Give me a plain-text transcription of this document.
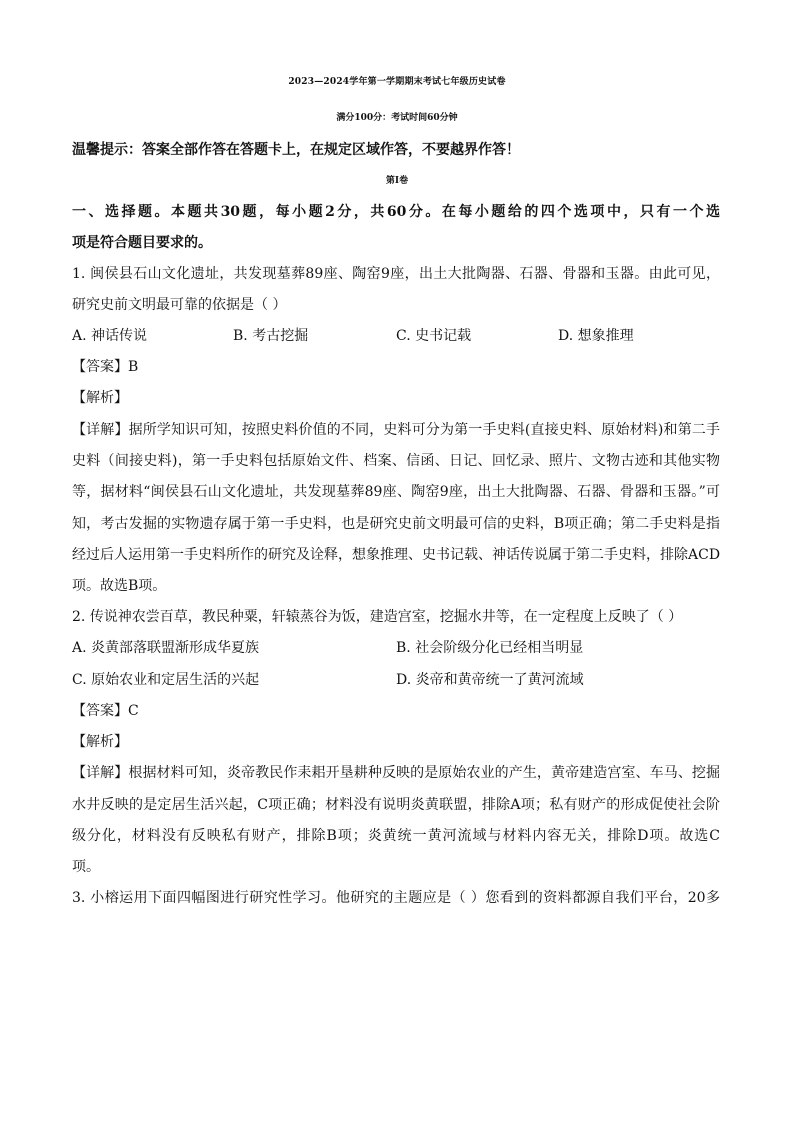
2023—2024学年第一学期期末考试七年级历史试卷
满分100分：考试时间60分钟
温馨提示：答案全部作答在答题卡上，在规定区域作答，不要越界作答！
第Ⅰ卷
一、选择题。本题共30题，每小题2分，共60分。在每小题给的四个选项中，只有一个选
项是符合题目要求的。
1. 闽侯县石山文化遗址，共发现墓葬89座、陶窑9座，出土大批陶器、石器、骨器和玉器。由此可见，
研究史前文明最可靠的依据是（ ）
A. 神话传说	B. 考古挖掘	C. 史书记载	D. 想象推理
【答案】B
【解析】
【详解】据所学知识可知，按照史料价值的不同，史料可分为第一手史料(直接史料、原始材料)和第二手
史料（间接史料)，第一手史料包括原始文件、档案、信函、日记、回忆录、照片、文物古迹和其他实物
等，据材料“闽侯县石山文化遗址，共发现墓葬89座、陶窑9座，出土大批陶器、石器、骨器和玉器。”可
知，考古发掘的实物遗存属于第一手史料，也是研究史前文明最可信的史料，B项正确；第二手史料是指
经过后人运用第一手史料所作的研究及诠释，想象推理、史书记载、神话传说属于第二手史料，排除ACD
项。故选B项。
2. 传说神农尝百草，教民种粟，轩辕蒸谷为饭，建造宫室，挖掘水井等，在一定程度上反映了（ ）
A. 炎黄部落联盟渐形成华夏族	B. 社会阶级分化已经相当明显
C. 原始农业和定居生活的兴起	D. 炎帝和黄帝统一了黄河流域
【答案】C
【解析】
【详解】根据材料可知，炎帝教民作耒耜开垦耕种反映的是原始农业的产生，黄帝建造宫室、车马、挖掘
水井反映的是定居生活兴起，C项正确；材料没有说明炎黄联盟，排除A项；私有财产的形成促使社会阶
级分化，材料没有反映私有财产，排除B项；炎黄统一黄河流域与材料内容无关，排除D项。故选C
项。
3. 小榕运用下面四幅图进行研究性学习。他研究的主题应是（ ）您看到的资料都源自我们平台，20多
